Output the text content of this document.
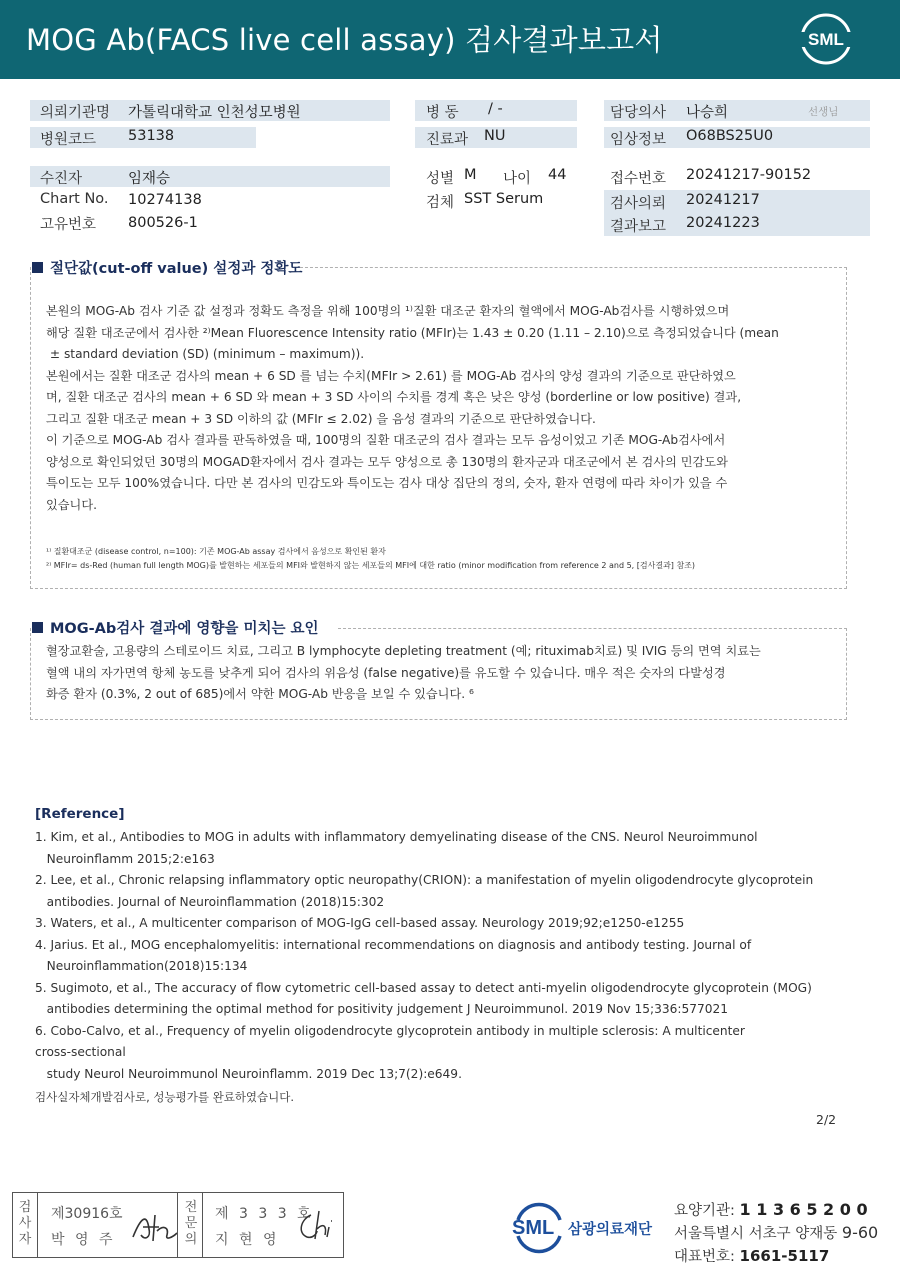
MOG Ab(FACS live cell assay) 검사결과보고서	SML
의뢰기관명 가톨릭대학교 인천성모병원
병원코드 53138
병 동 / -
진료과 NU
담당의사 나승희	선생님
임상정보 O68BS25U0
수진자	임재승
Chart No. 10274138
고유번호 800526-1
성별 M 나이 44
검체 SST Serum
접수번호 20241217-90152
검사의뢰 20241217
결과보고 20241223
절단값(cut-off value) 설정과 정확도
본원의 MOG-Ab 검사 기준 값 설정과 정확도 측정을 위해 100명의 ¹⁾질환 대조군 환자의 혈액에서 MOG-Ab검사를 시행하였으며
해당 질환 대조군에서 검사한 ²⁾Mean Fluorescence Intensity ratio (MFIr)는 1.43 ± 0.20 (1.11 – 2.10)으로 측정되었습니다 (mean
± standard deviation (SD) (minimum – maximum)).
본원에서는 질환 대조군 검사의 mean + 6 SD 를 넘는 수치(MFIr > 2.61) 를 MOG-Ab 검사의 양성 결과의 기준으로 판단하였으
며, 질환 대조군 검사의 mean + 6 SD 와 mean + 3 SD 사이의 수치를 경계 혹은 낮은 양성 (borderline or low positive) 결과,
그리고 질환 대조군 mean + 3 SD 이하의 값 (MFIr ≤ 2.02) 을 음성 결과의 기준으로 판단하였습니다.
이 기준으로 MOG-Ab 검사 결과를 판독하였을 때, 100명의 질환 대조군의 검사 결과는 모두 음성이었고 기존 MOG-Ab검사에서
양성으로 확인되었던 30명의 MOGAD환자에서 검사 결과는 모두 양성으로 총 130명의 환자군과 대조군에서 본 검사의 민감도와
특이도는 모두 100%였습니다. 다만 본 검사의 민감도와 특이도는 검사 대상 집단의 정의, 숫자, 환자 연령에 따라 차이가 있을 수
있습니다.
¹⁾ 질환대조군 (disease control, n=100): 기존 MOG-Ab assay 검사에서 음성으로 확인된 환자
²⁾ MFIr= ds-Red (human full length MOG)를 발현하는 세포들의 MFI와 발현하지 않는 세포들의 MFI에 대한 ratio (minor modification from reference 2 and 5, [검사결과] 참조)
MOG-Ab검사 결과에 영향을 미치는 요인
혈장교환술, 고용량의 스테로이드 치료, 그리고 B lymphocyte depleting treatment (예; rituximab치료) 및 IVIG 등의 면역 치료는
혈액 내의 자가면역 항체 농도를 낮추게 되어 검사의 위음성 (false negative)를 유도할 수 있습니다. 매우 적은 숫자의 다발성경
화증 환자 (0.3%, 2 out of 685)에서 약한 MOG-Ab 반응을 보일 수 있습니다. ⁶
[Reference]
1. Kim, et al., Antibodies to MOG in adults with inflammatory demyelinating disease of the CNS. Neurol Neuroimmunol
Neuroinflamm 2015;2:e163
2. Lee, et al., Chronic relapsing inflammatory optic neuropathy(CRION): a manifestation of myelin oligodendrocyte glycoprotein
antibodies. Journal of Neuroinflammation (2018)15:302
3. Waters, et al., A multicenter comparison of MOG-IgG cell-based assay. Neurology 2019;92;e1250-e1255
4. Jarius. Et al., MOG encephalomyelitis: international recommendations on diagnosis and antibody testing. Journal of
Neuroinflammation(2018)15:134
5. Sugimoto, et al., The accuracy of flow cytometric cell-based assay to detect anti-myelin oligodendrocyte glycoprotein (MOG)
antibodies determining the optimal method for positivity judgement J Neuroimmunol. 2019 Nov 15;336:577021
6. Cobo-Calvo, et al., Frequency of myelin oligodendrocyte glycoprotein antibody in multiple sclerosis: A multicenter
cross-sectional
study Neurol Neuroimmunol Neuroinflamm. 2019 Dec 13;7(2):e649.
검사실자체개발검사로, 성능평가를 완료하였습니다.
2/2
검사자
제30916호
박 영 주
전문의
제 3 3 3 호
지 현 영
SML 삼광의료재단
요양기관: 1 1 3 6 5 2 0 0
서울특별시 서초구 양재동 9-60
대표번호: 1661-5117
